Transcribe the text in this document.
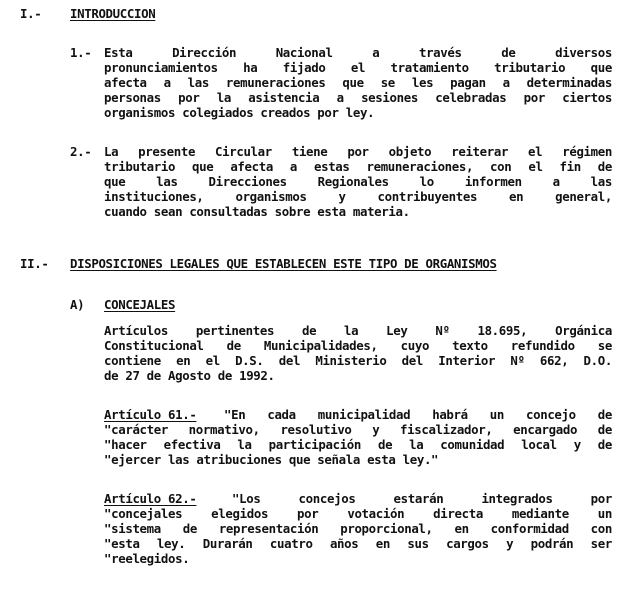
I.- INTRODUCCION
1.- Esta Dirección Nacional a través de diversos
pronunciamientos ha fijado el tratamiento tributario que
afecta a las remuneraciones que se les pagan a determinadas
personas por la asistencia a sesiones celebradas por ciertos
organismos colegiados creados por ley.
2.- La presente Circular tiene por objeto reiterar el régimen
tributario que afecta a estas remuneraciones, con el fin de
que las Direcciones Regionales lo informen a las
instituciones, organismos y contribuyentes en general,
cuando sean consultadas sobre esta materia.
II.- DISPOSICIONES LEGALES QUE ESTABLECEN ESTE TIPO DE ORGANISMOS
A) CONCEJALES
Artículos pertinentes de la Ley Nº 18.695, Orgánica
Constitucional de Municipalidades, cuyo texto refundido se
contiene en el D.S. del Ministerio del Interior Nº 662, D.O.
de 27 de Agosto de 1992.
Artículo 61.- "En cada municipalidad habrá un concejo de
"carácter normativo, resolutivo y fiscalizador, encargado de
"hacer efectiva la participación de la comunidad local y de
"ejercer las atribuciones que señala esta ley."
Artículo 62.-	"Los concejos estarán integrados por
"concejales elegidos por votación directa mediante un
"sistema de representación proporcional, en conformidad con
"esta ley. Durarán cuatro años en sus cargos y podrán ser
"reelegidos.
